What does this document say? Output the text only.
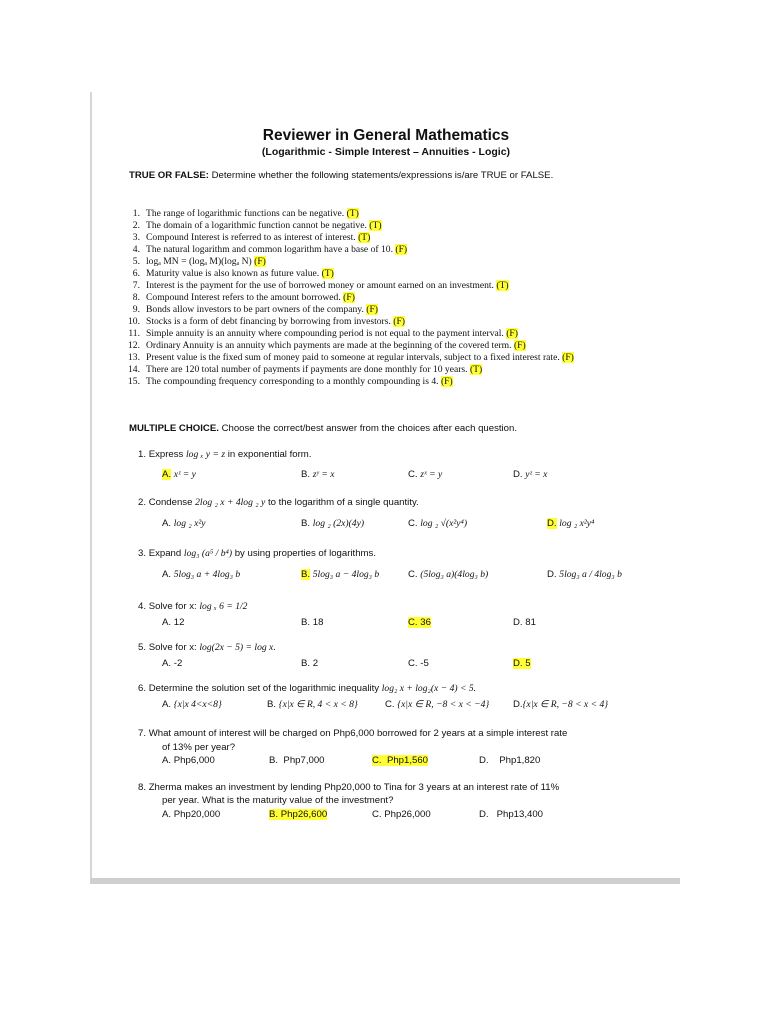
Reviewer in General Mathematics
(Logarithmic - Simple Interest – Annuities - Logic)
TRUE OR FALSE: Determine whether the following statements/expressions is/are TRUE or FALSE.
1. The range of logarithmic functions can be negative. (T)
2. The domain of a logarithmic function cannot be negative. (T)
3. Compound Interest is referred to as interest of interest. (T)
4. The natural logarithm and common logarithm have a base of 10. (F)
5. logₐ MN = (logₐ M)(logₐ N) (F)
6. Maturity value is also known as future value. (T)
7. Interest is the payment for the use of borrowed money or amount earned on an investment. (T)
8. Compound Interest refers to the amount borrowed. (F)
9. Bonds allow investors to be part owners of the company. (F)
10. Stocks is a form of debt financing by borrowing from investors. (F)
11. Simple annuity is an annuity where compounding period is not equal to the payment interval. (F)
12. Ordinary Annuity is an annuity which payments are made at the beginning of the covered term. (F)
13. Present value is the fixed sum of money paid to someone at regular intervals, subject to a fixed interest rate. (F)
14. There are 120 total number of payments if payments are done monthly for 10 years. (T)
15. The compounding frequency corresponding to a monthly compounding is 4. (F)
MULTIPLE CHOICE. Choose the correct/best answer from the choices after each question.
1. Express log ₓ y = z in exponential form.
A. xᶻ = y	B. zʸ = x	C. zˣ = y	D. yᶻ = x
2. Condense 2log ₂ x + 4log ₂ y to the logarithm of a single quantity.
A. log ₂ x²y	B. log ₂ (2x)(4y)	C. log ₂ √(x²y⁴)	D. log ₂ x²y⁴
3. Expand log₃ (a⁵ / b⁴) by using properties of logarithms.
A. 5log₃ a + 4log₃ b	B. 5log₃ a − 4log₃ b	C. (5log₃ a)(4log₃ b)	D. 5log₃ a / 4log₃ b
4. Solve for x: log ₓ 6 = 1/2
A. 12	B. 18	C. 36	D. 81
5. Solve for x: log(2x − 5) = log x.
A. -2	B. 2	C. -5	D. 5
6. Determine the solution set of the logarithmic inequality log₂ x + log₂(x − 4) < 5.
A. {x|x 4<x<8}	B. {x|x ∈ R, 4 < x < 8}	C. {x|x ∈ R, −8 < x < −4} D.{x|x ∈ R, −8 < x < 4}
7. What amount of interest will be charged on Php6,000 borrowed for 2 years at a simple interest rate
of 13% per year?
A. Php6,000	B. Php7,000	C. Php1,560	D. Php1,820
8. Zherma makes an investment by lending Php20,000 to Tina for 3 years at an interest rate of 11%
per year. What is the maturity value of the investment?
A. Php20,000	B. Php26,600	C. Php26,000	D. Php13,400
